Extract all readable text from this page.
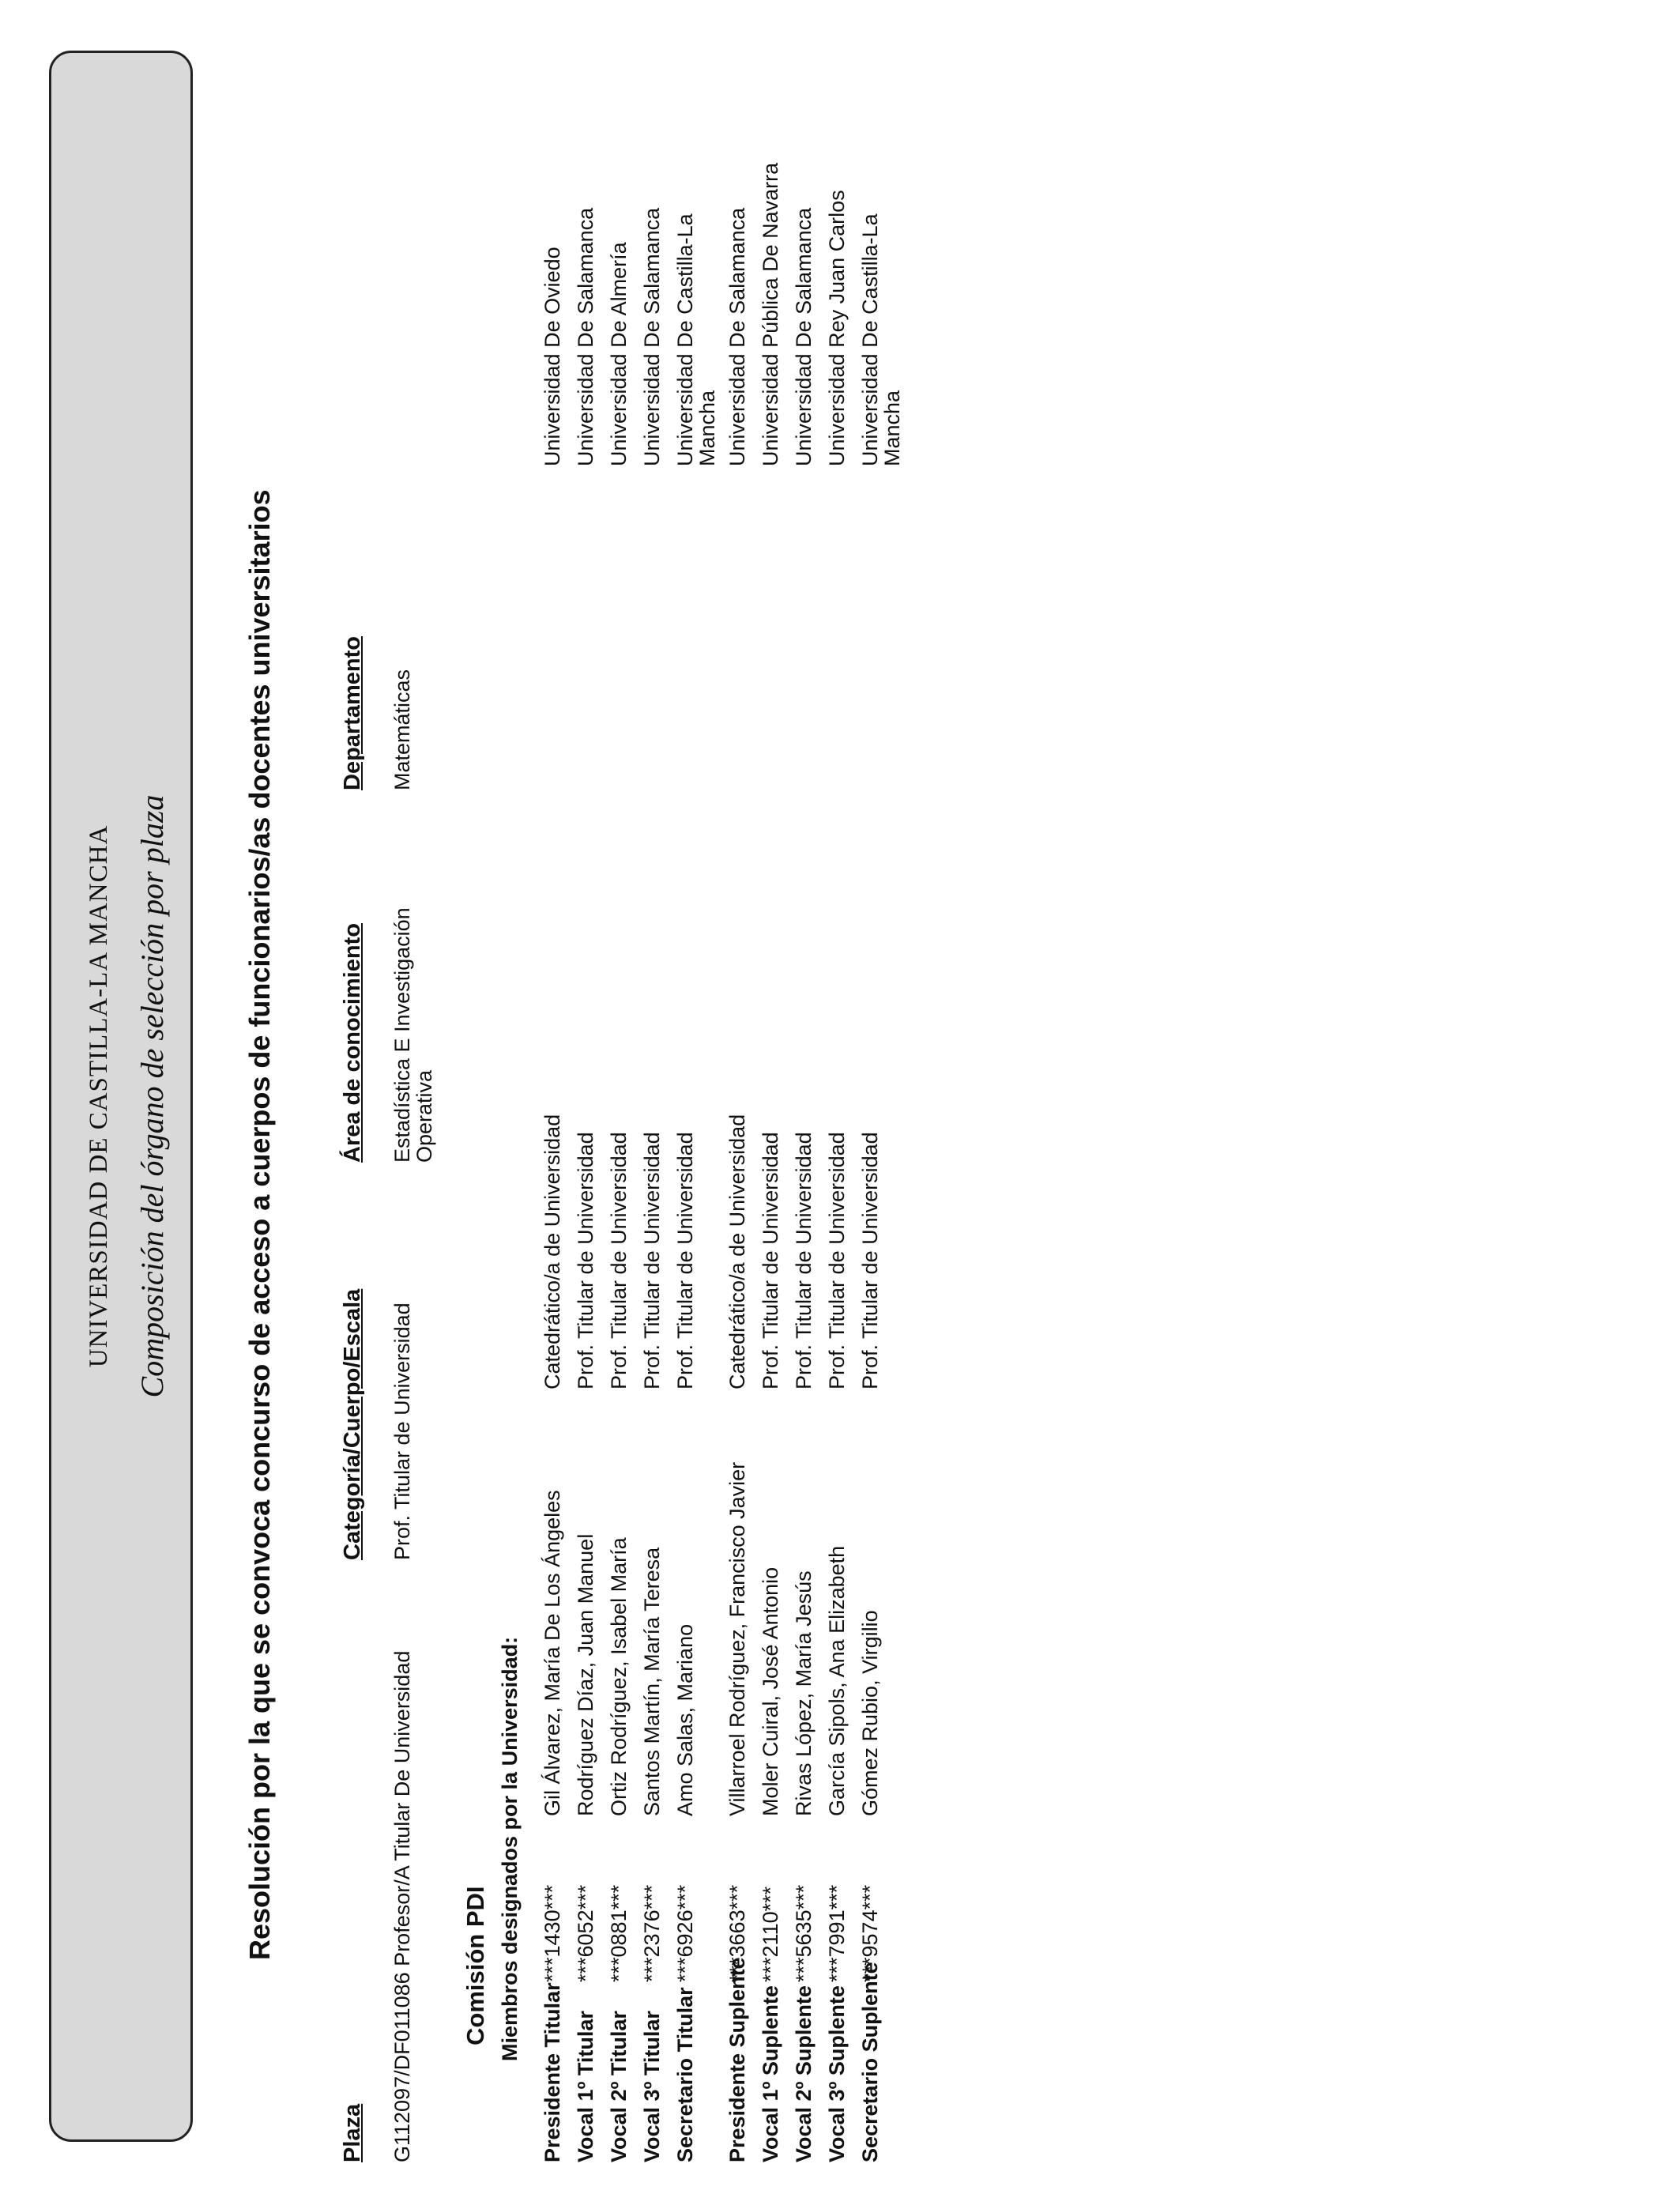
UNIVERSIDAD DE CASTILLA-LA MANCHA Composición del órgano de selección por plaza	Resolución por la que se convoca concurso de acceso a cuerpos de funcionarios/as docentes universitarios
Plaza
Categoría/Cuerpo/Escala
Área de conocimiento
Departamento
G112097/DF011086 Profesor/A Titular De Universidad
Prof. Titular de Universidad
Estadística E Investigación
Operativa
Matemáticas
Comisión PDI Miembros designados por la Universidad:
Presidente Titular
***1430***
Gil Álvarez, María De Los Ángeles
Catedrático/a de Universidad
Universidad De Oviedo
Vocal 1º Titular
***6052***
Rodríguez Díaz, Juan Manuel
Prof. Titular de Universidad
Universidad De Salamanca
Vocal 2º Titular
***0881***
Ortiz Rodríguez, Isabel María
Prof. Titular de Universidad
Universidad De Almería
Vocal 3º Titular
***2376***
Santos Martín, María Teresa
Prof. Titular de Universidad
Universidad De Salamanca
Secretario Titular
***6926***
Amo Salas, Mariano
Prof. Titular de Universidad
Universidad De Castilla-La
Mancha
Presidente Suplente
***3663***
Villarroel Rodríguez, Francisco Javier
Catedrático/a de Universidad
Universidad De Salamanca
Vocal 1º Suplente
***2110***
Moler Cuiral, José Antonio
Prof. Titular de Universidad
Universidad Pública De Navarra
Vocal 2º Suplente
***5635***
Rivas López, María Jesús
Prof. Titular de Universidad
Universidad De Salamanca
Vocal 3º Suplente
***7991***
García Sipols, Ana Elizabeth
Prof. Titular de Universidad
Universidad Rey Juan Carlos
Secretario Suplente
***9574***
Gómez Rubio, Virgilio
Prof. Titular de Universidad
Universidad De Castilla-La
Mancha
